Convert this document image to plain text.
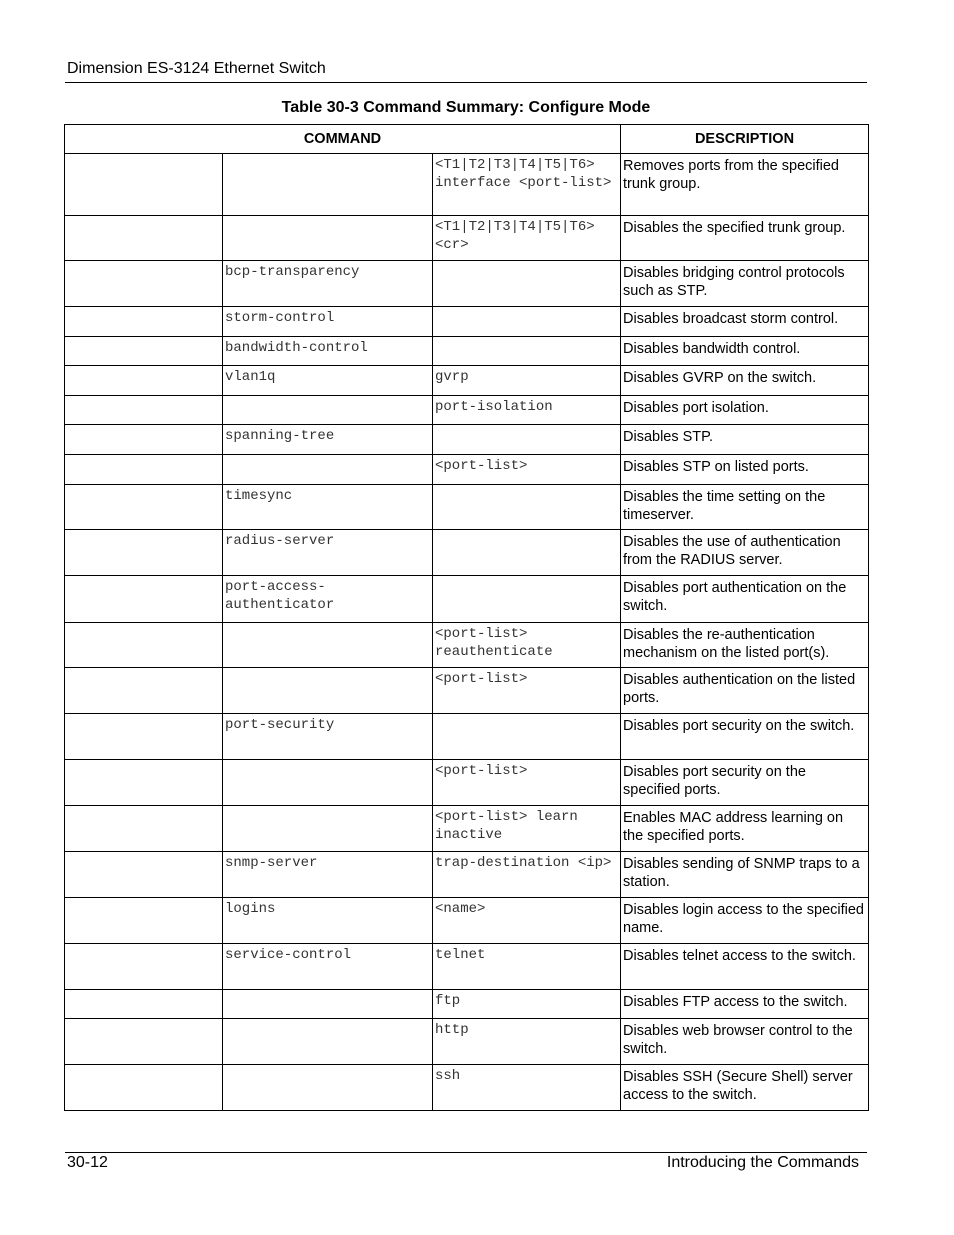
Dimension ES-3124 Ethernet Switch
Table 30-3 Command Summary: Configure Mode
COMMAND			DESCRIPTION
		<T1|T2|T3|T4|T5|T6> interface <port-list>	Removes ports from the specified trunk group.
		<T1|T2|T3|T4|T5|T6> <cr>	Disables the specified trunk group.
	bcp-transparency		Disables bridging control protocols such as STP.
	storm-control		Disables broadcast storm control.
	bandwidth-control		Disables bandwidth control.
	vlan1q	gvrp	Disables GVRP on the switch.
		port-isolation	Disables port isolation.
	spanning-tree		Disables STP.
		<port-list>	Disables STP on listed ports.
	timesync		Disables the time setting on the timeserver.
	radius-server		Disables the use of authentication from the RADIUS server.
	port-access-authenticator		Disables port authentication on the switch.
		<port-list> reauthenticate	Disables the re-authentication mechanism on the listed port(s).
		<port-list>	Disables authentication on the listed ports.
	port-security		Disables port security on the switch.
		<port-list>	Disables port security on the specified ports.
		<port-list> learn inactive	Enables MAC address learning on the specified ports.
	snmp-server	trap-destination <ip>	Disables sending of SNMP traps to a station.
	logins	<name>	Disables login access to the specified name.
	service-control	telnet	Disables telnet access to the switch.
		ftp	Disables FTP access to the switch.
		http	Disables web browser control to the switch.
		ssh	Disables SSH (Secure Shell) server access to the switch.
30-12	Introducing the Commands
